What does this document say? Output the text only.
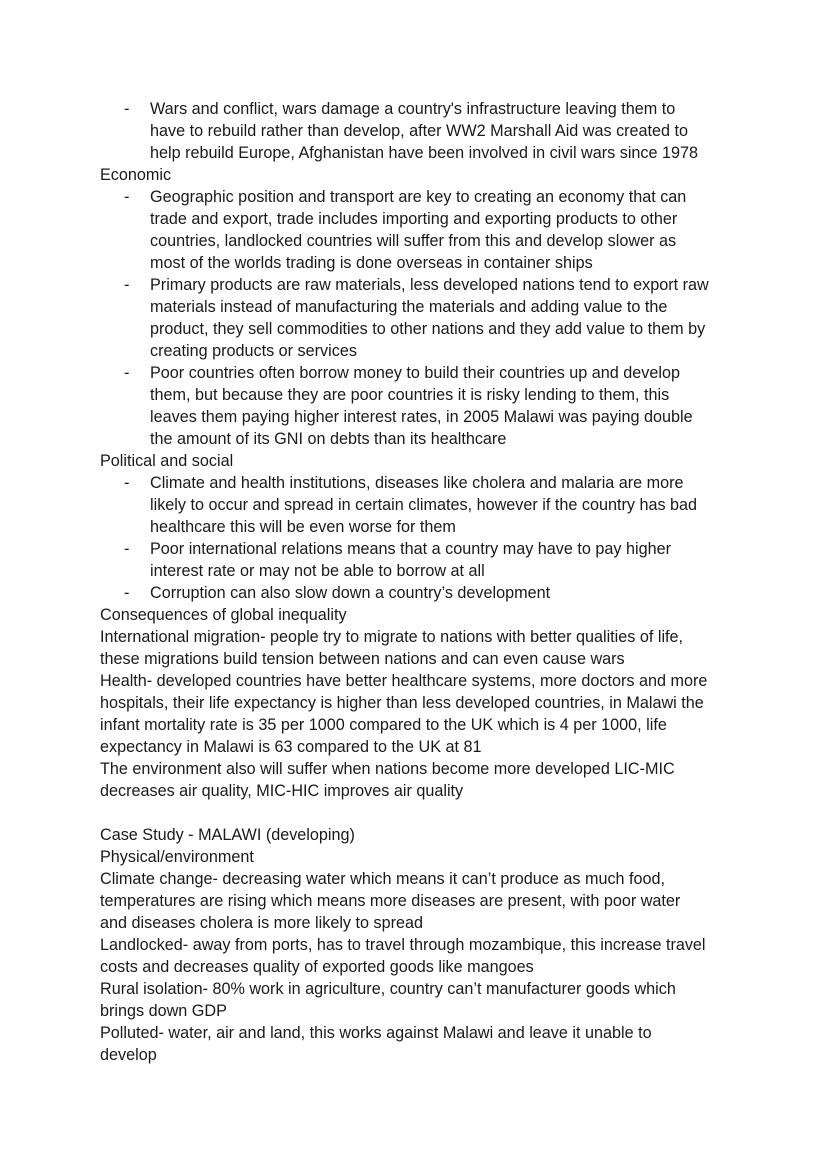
- Wars and conflict, wars damage a country's infrastructure leaving them to
have to rebuild rather than develop, after WW2 Marshall Aid was created to
help rebuild Europe, Afghanistan have been involved in civil wars since 1978
Economic
- Geographic position and transport are key to creating an economy that can
trade and export, trade includes importing and exporting products to other
countries, landlocked countries will suffer from this and develop slower as
most of the worlds trading is done overseas in container ships
- Primary products are raw materials, less developed nations tend to export raw
materials instead of manufacturing the materials and adding value to the
product, they sell commodities to other nations and they add value to them by
creating products or services
- Poor countries often borrow money to build their countries up and develop
them, but because they are poor countries it is risky lending to them, this
leaves them paying higher interest rates, in 2005 Malawi was paying double
the amount of its GNI on debts than its healthcare
Political and social
- Climate and health institutions, diseases like cholera and malaria are more
likely to occur and spread in certain climates, however if the country has bad
healthcare this will be even worse for them
- Poor international relations means that a country may have to pay higher
interest rate or may not be able to borrow at all
- Corruption can also slow down a country’s development
Consequences of global inequality
International migration- people try to migrate to nations with better qualities of life,
these migrations build tension between nations and can even cause wars
Health- developed countries have better healthcare systems, more doctors and more
hospitals, their life expectancy is higher than less developed countries, in Malawi the
infant mortality rate is 35 per 1000 compared to the UK which is 4 per 1000, life
expectancy in Malawi is 63 compared to the UK at 81
The environment also will suffer when nations become more developed LIC-MIC
decreases air quality, MIC-HIC improves air quality
Case Study - MALAWI (developing)
Physical/environment
Climate change- decreasing water which means it can’t produce as much food,
temperatures are rising which means more diseases are present, with poor water
and diseases cholera is more likely to spread
Landlocked- away from ports, has to travel through mozambique, this increase travel
costs and decreases quality of exported goods like mangoes
Rural isolation- 80% work in agriculture, country can’t manufacturer goods which
brings down GDP
Polluted- water, air and land, this works against Malawi and leave it unable to
develop
